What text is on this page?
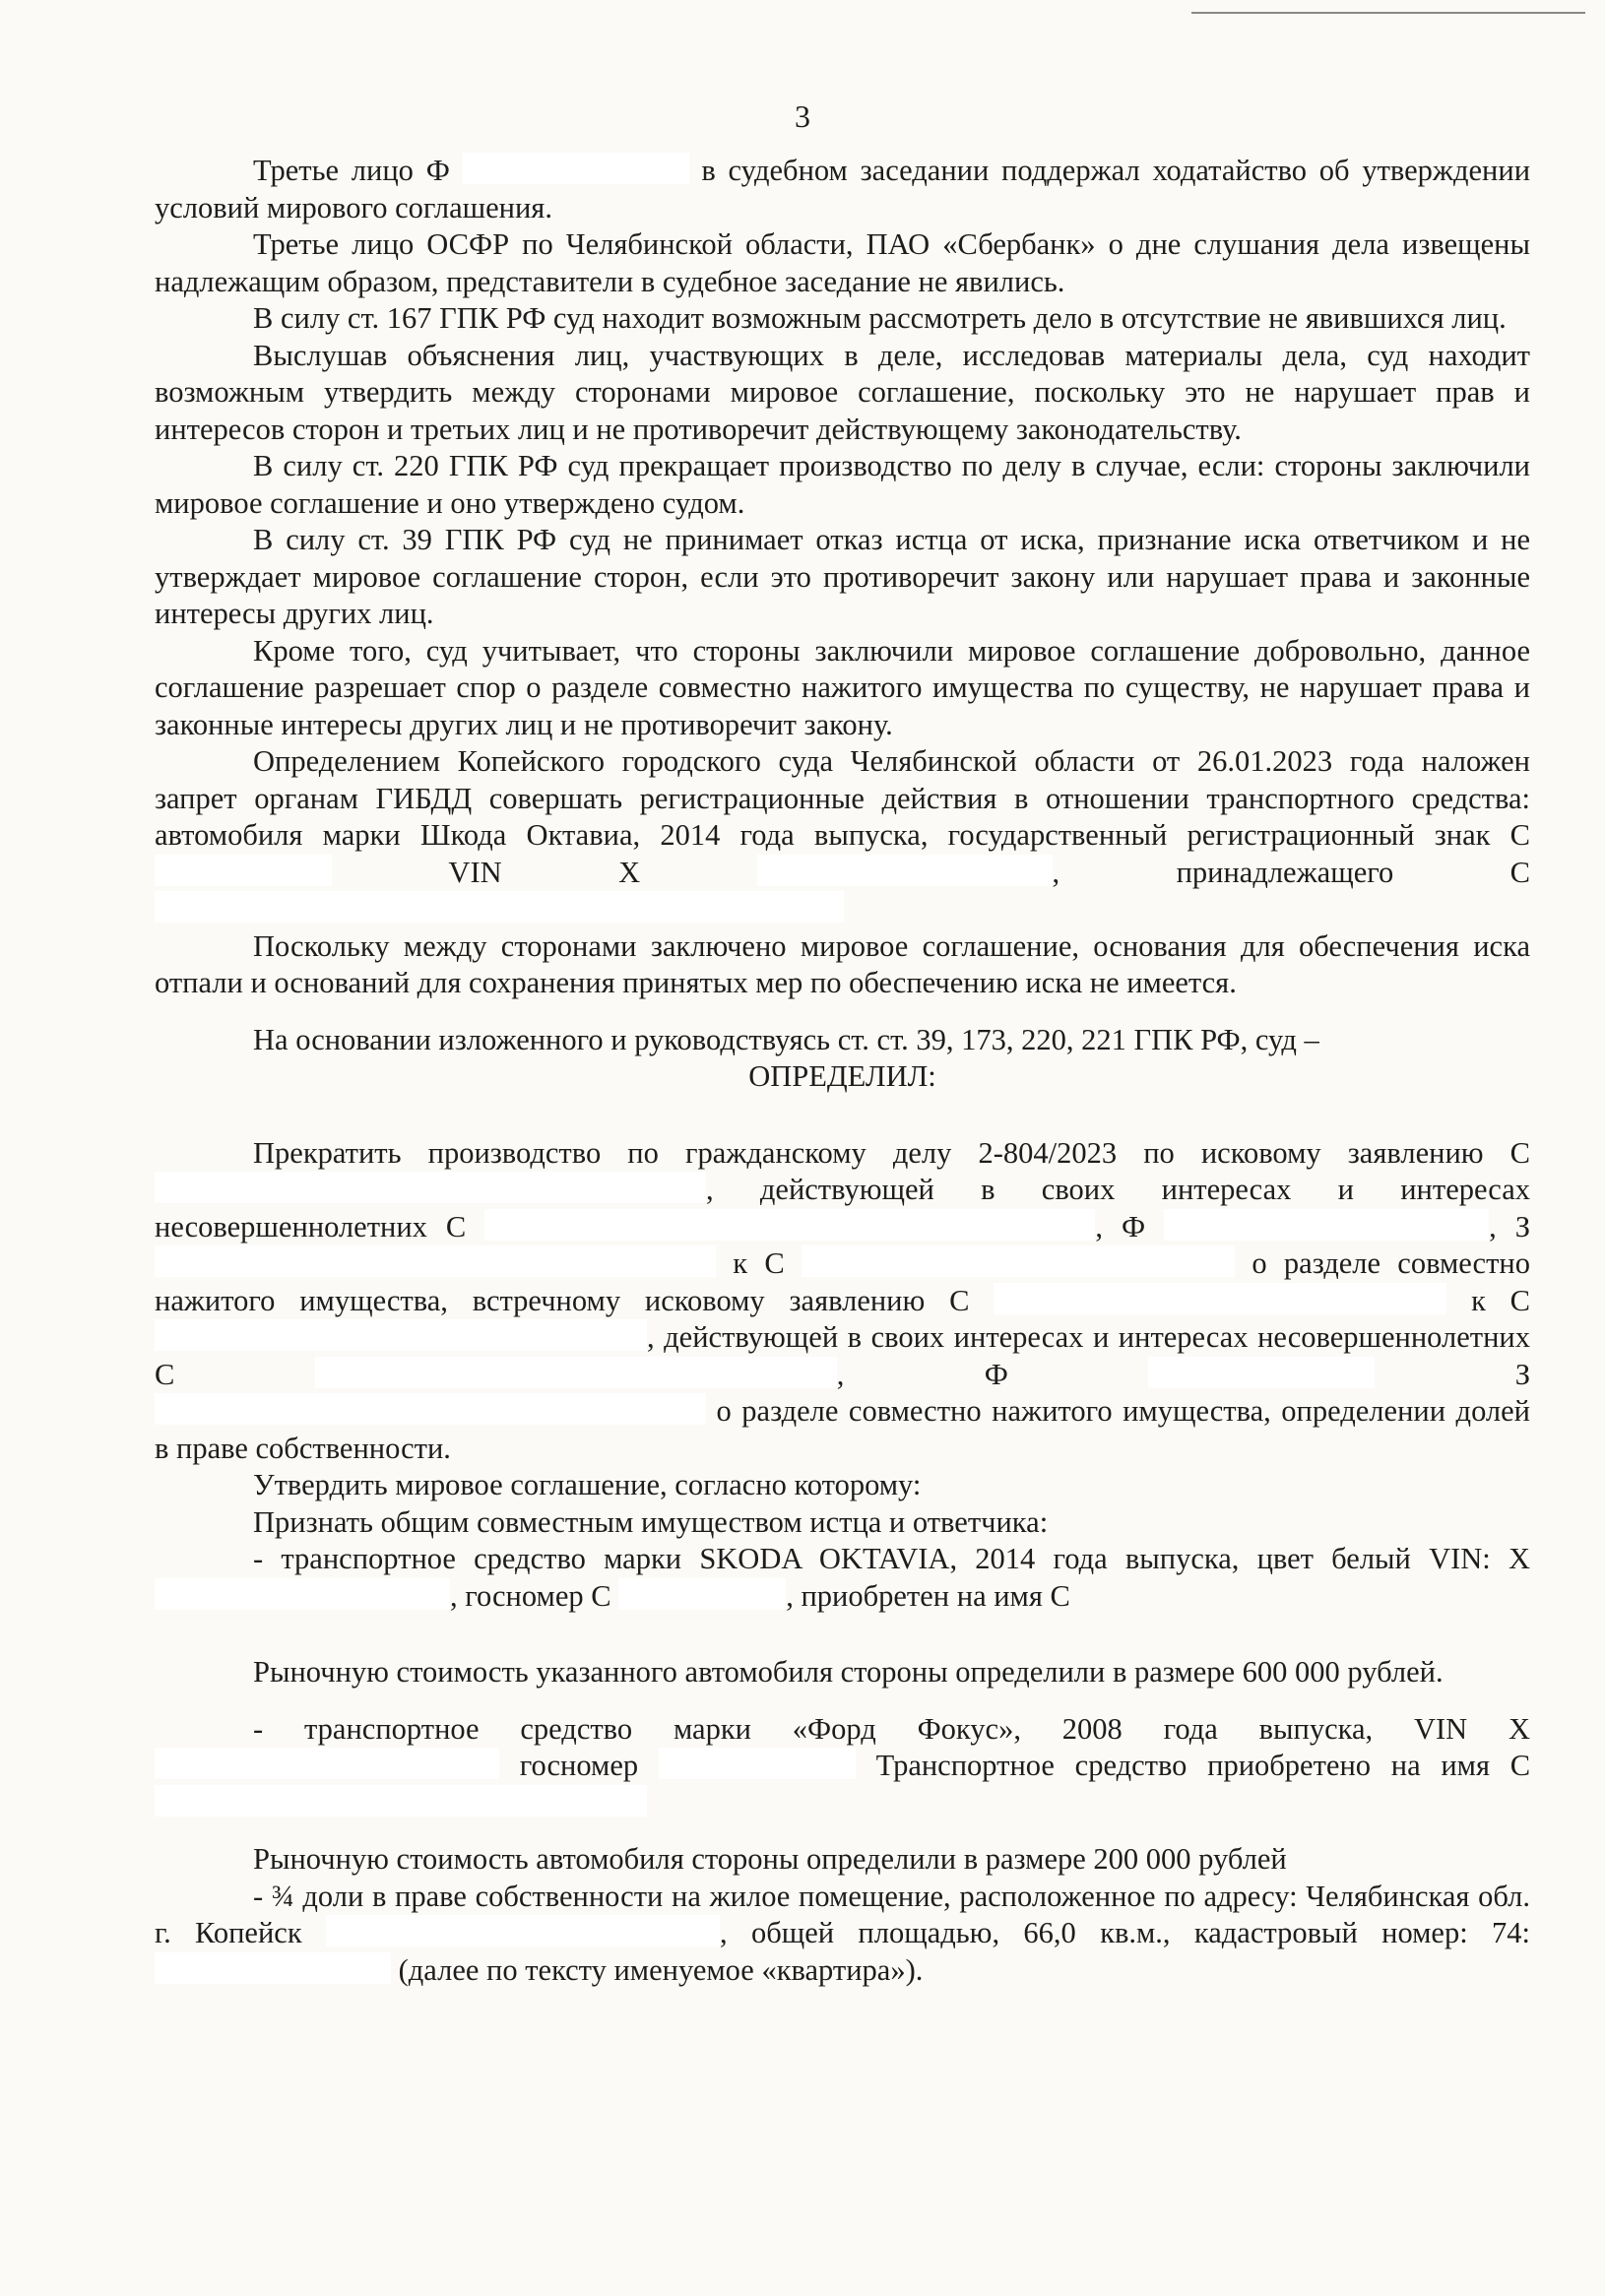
3

Третье лицо Ф	в судебном заседании поддержал ходатайство об утверждении условий мирового соглашения.

Третье лицо ОСФР по Челябинской области, ПАО «Сбербанк» о дне слушания дела извещены надлежащим образом, представители в судебное заседание не явились.

В силу ст. 167 ГПК РФ суд находит возможным рассмотреть дело в отсутствие не явившихся лиц.

Выслушав объяснения лиц, участвующих в деле, исследовав материалы дела, суд находит возможным утвердить между сторонами мировое соглашение, поскольку это не нарушает прав и интересов сторон и третьих лиц и не противоречит действующему законодательству.

В силу ст. 220 ГПК РФ суд прекращает производство по делу в случае, если: стороны заключили мировое соглашение и оно утверждено судом.

В силу ст. 39 ГПК РФ суд не принимает отказ истца от иска, признание иска ответчиком и не утверждает мировое соглашение сторон, если это противоречит закону или нарушает права и законные интересы других лиц.

Кроме того, суд учитывает, что стороны заключили мировое соглашение добровольно, данное соглашение разрешает спор о разделе совместно нажитого имущества по существу, не нарушает права и законные интересы других лиц и не противоречит закону.

Определением Копейского городского суда Челябинской области от 26.01.2023 года наложен запрет органам ГИБДД совершать регистрационные действия в отношении транспортного средства: автомобиля марки Шкода Октавиа, 2014 года выпуска, государственный регистрационный знак С  VIN	Х	, принадлежащего С

Поскольку между сторонами заключено мировое соглашение, основания для обеспечения иска отпали и оснований для сохранения принятых мер по обеспечению иска не имеется.

На основании изложенного и руководствуясь ст. ст. 39, 173, 220, 221 ГПК РФ, суд –

ОПРЕДЕЛИЛ:

Прекратить производство по гражданскому делу 2-804/2023 по исковому заявлению С , действующей в своих интересах и интересах несовершеннолетних С	, Ф	, З  к С	о разделе совместно нажитого имущества, встречному исковому заявлению С	к С , действующей в своих интересах и интересах несовершеннолетних С	, Ф	З  о разделе совместно нажитого имущества, определении долей в праве собственности.

Утвердить мировое соглашение, согласно которому:

Признать общим совместным имуществом истца и ответчика:

- транспортное средство марки SKODA OKTAVIA, 2014 года выпуска, цвет белый VIN: Х , госномер С	, приобретен на имя С

Рыночную стоимость указанного автомобиля стороны определили в размере 600 000 рублей.

- транспортное средство марки «Форд Фокус», 2008 года выпуска, VIN Х  госномер	Транспортное средство приобретено на имя С

Рыночную стоимость автомобиля стороны определили в размере 200 000 рублей

- ¾ доли в праве собственности на жилое помещение, расположенное по адресу: Челябинская обл. г. Копейск	, общей площадью, 66,0 кв.м., кадастровый номер: 74:  (далее по тексту именуемое «квартира»).
